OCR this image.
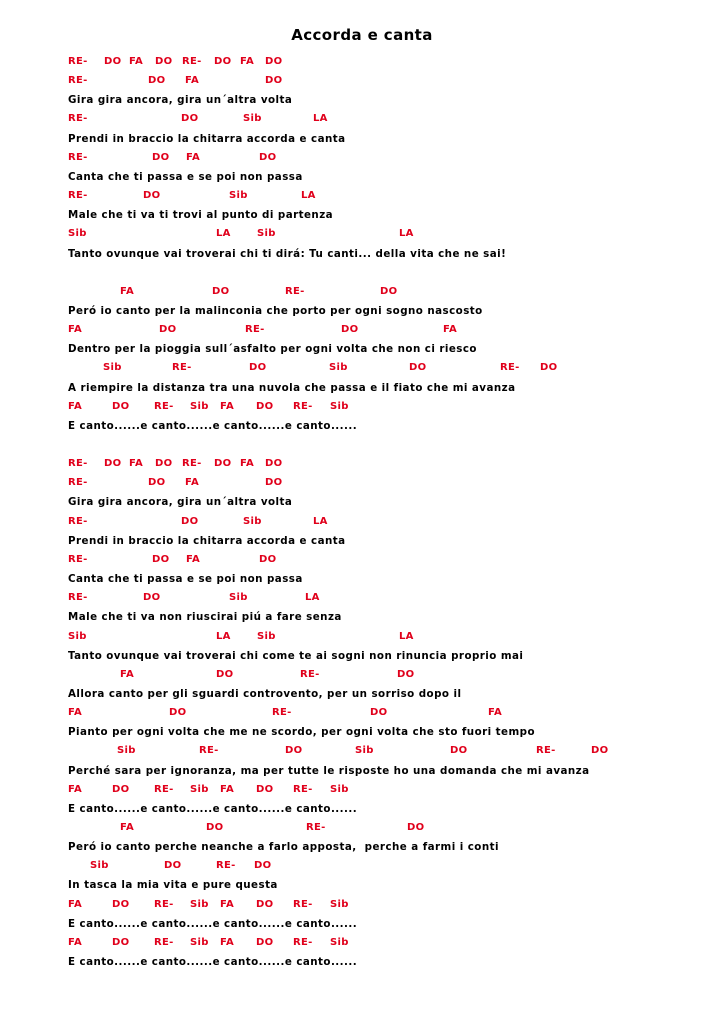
Accorda e canta
RE- DO FA DO RE- DO FA DO
RE-	DO FA	DO
Gira gira ancora, gira un´altra volta
RE-	DO	Sib	LA
Prendi in braccio la chitarra accorda e canta
RE-	DO FA	DO
Canta che ti passa e se poi non passa
RE-	DO	Sib	LA
Male che ti va ti trovi al punto di partenza
Sib	LA	Sib	LA
Tanto ovunque vai troverai chi ti dirá: Tu canti... della vita che ne sai!
FA	DO	RE-	DO
Peró io canto per la malinconia che porto per ogni sogno nascosto
FA	DO	RE-	DO	FA
Dentro per la pioggia sull´asfalto per ogni volta che non ci riesco
Sib	RE-	DO	Sib	DO	RE- DO
A riempire la distanza tra una nuvola che passa e il fiato che mi avanza
FA	DO RE- Sib FA DO RE- Sib
E canto......e canto......e canto......e canto......
RE- DO FA DO RE- DO FA DO
RE-	DO FA	DO
Gira gira ancora, gira un´altra volta
RE-	DO	Sib	LA
Prendi in braccio la chitarra accorda e canta
RE-	DO FA	DO
Canta che ti passa e se poi non passa
RE-	DO	Sib	LA
Male che ti va non riuscirai piú a fare senza
Sib	LA	Sib	LA
Tanto ovunque vai troverai chi come te ai sogni non rinuncia proprio mai
FA	DO	RE-	DO
Allora canto per gli sguardi controvento, per un sorriso dopo il
FA	DO	RE-	DO	FA
Pianto per ogni volta che me ne scordo, per ogni volta che sto fuori tempo
Sib	RE-	DO	Sib	DO	RE-	DO
Perché sara per ignoranza, ma per tutte le risposte ho una domanda che mi avanza
FA	DO RE- Sib FA DO RE- Sib
E canto......e canto......e canto......e canto......
FA	DO	RE-	DO
Peró io canto perche neanche a farlo apposta,  perche a farmi i conti
Sib	DO	RE- DO
In tasca la mia vita e pure questa
FA	DO RE- Sib FA DO RE- Sib
E canto......e canto......e canto......e canto......
FA	DO RE- Sib FA DO RE- Sib
E canto......e canto......e canto......e canto......
